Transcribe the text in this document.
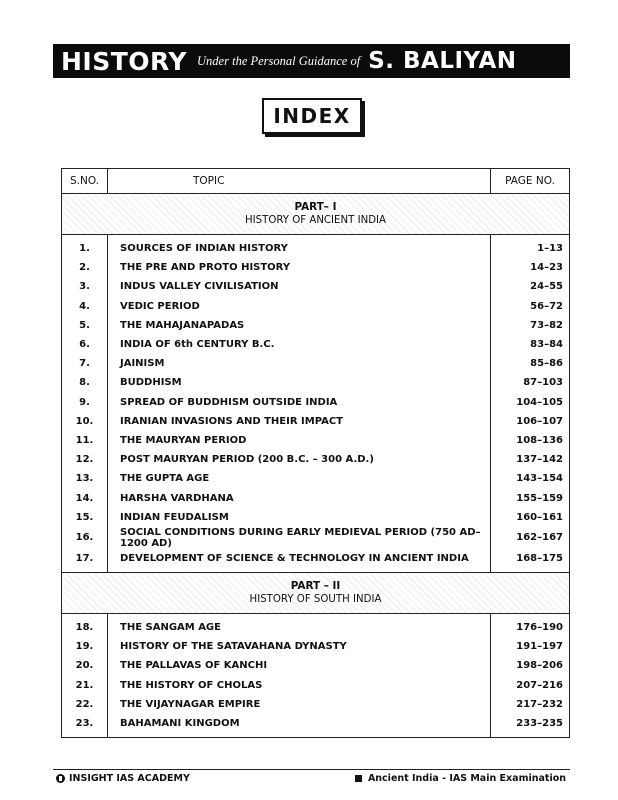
HISTORY Under the Personal Guidance of S. BALIYAN
INDEX
S.NO.	TOPIC	PAGE NO.

PART– I
HISTORY OF ANCIENT INDIA		

1.	SOURCES OF INDIAN HISTORY	1–13
2.	THE PRE AND PROTO HISTORY	14–23
3.	INDUS VALLEY CIVILISATION	24–55
4.	VEDIC PERIOD	56–72
5.	THE MAHAJANAPADAS	73–82
6.	INDIA OF 6th CENTURY B.C.	83–84
7.	JAINISM	85–86
8.	BUDDHISM	87–103
9.	SPREAD OF BUDDHISM OUTSIDE INDIA	104–105
10.	IRANIAN INVASIONS AND THEIR IMPACT	106–107
11.	THE MAURYAN PERIOD	108–136
12.	POST MAURYAN PERIOD (200 B.C. – 300 A.D.)	137–142
13.	THE GUPTA AGE	143–154
14.	HARSHA VARDHANA	155–159
15.	INDIAN FEUDALISM	160–161
16.	SOCIAL CONDITIONS DURING EARLY MEDIEVAL PERIOD (750 AD–1200 AD)	162–167
17.	DEVELOPMENT OF SCIENCE & TECHNOLOGY IN ANCIENT INDIA	168–175

PART – II
HISTORY OF SOUTH INDIA		

18.	THE SANGAM AGE	176–190
19.	HISTORY OF THE SATAVAHANA DYNASTY	191–197
20.	THE PALLAVAS OF KANCHI	198–206
21.	THE HISTORY OF CHOLAS	207–216
22.	THE VIJAYNAGAR EMPIRE	217–232
23.	BAHAMANI KINGDOM	233–235
INSIGHT IAS ACADEMY	Ancient India - IAS Main Examination
